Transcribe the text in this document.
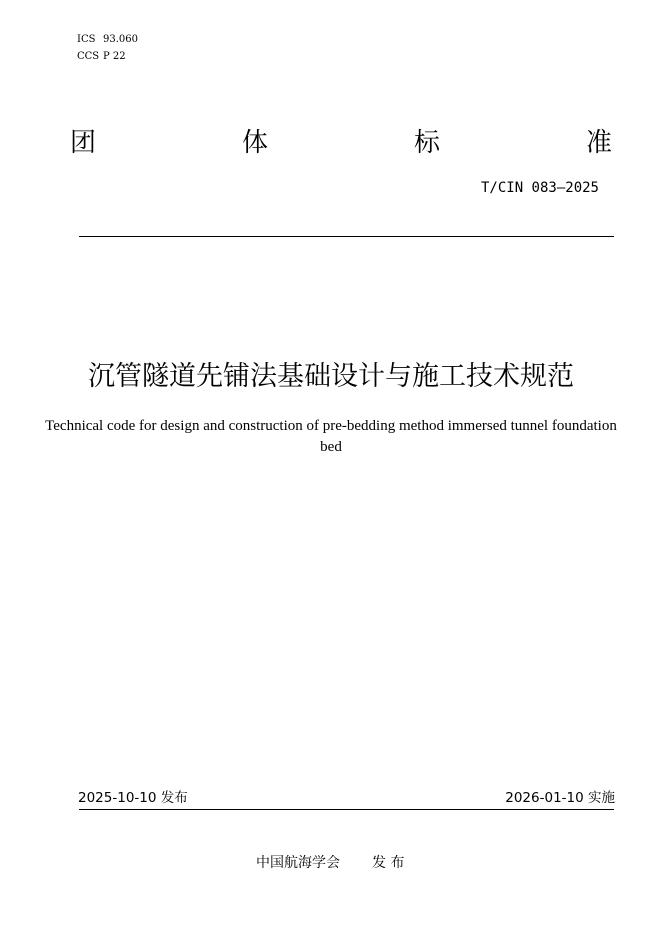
ICS 93.060
CCS P 22
团	体	标	准
T/CIN 083—2025
沉管隧道先铺法基础设计与施工技术规范
Technical code for design and construction of pre-bedding method immersed tunnel foundation bed
2025-10-10 发布	2026-01-10 实施
中国航海学会 发 布
